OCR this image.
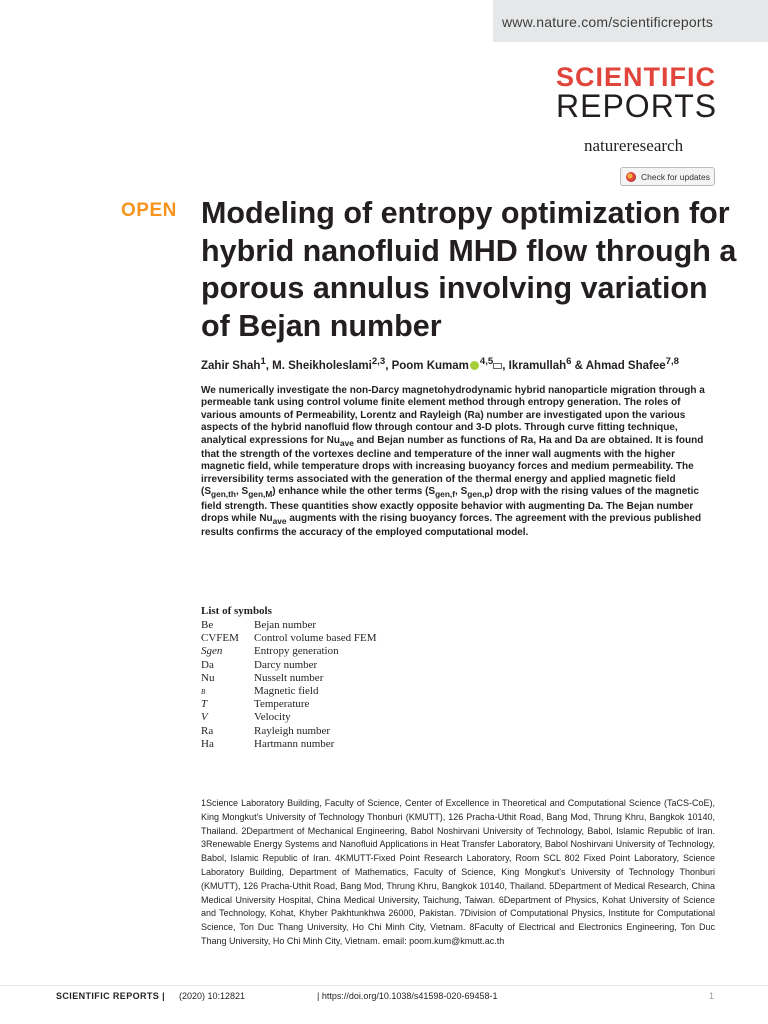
www.nature.com/scientificreports
SCIENTIFIC
REPORTS
natureresearch
Check for updates
OPEN Modeling of entropy optimization for hybrid nanofluid MHD flow through a porous annulus involving variation of Bejan number
Zahir Shah$^1$, M. Sheikholeslami$^{2,3}$, Poom Kumam $^{4,5}$ , Ikramullah$^6$ & Ahmad Shafee$^{7,8}$

We numerically investigate the non-Darcy magnetohydrodynamic hybrid nanoparticle migration through a permeable tank using control volume finite element method through entropy generation. The roles of various amounts of Permeability, Lorentz and Rayleigh (Ra) number are investigated upon the various aspects of the hybrid nanofluid flow through contour and 3-D plots. Through curve fitting technique, analytical expressions for $Nu_{ave}$ and Bejan number as functions of Ra, Ha and Da are obtained. It is found that the strength of the vortexes decline and temperature of the inner wall augments with the higher magnetic field, while temperature drops with increasing buoyancy forces and medium permeability. The irreversibility terms associated with the generation of the thermal energy and applied magnetic field ($S_{gen,th}$, $S_{gen,M}$) enhance while the other terms ($S_{gen,f}$, $S_{gen,p}$) drop with the rising values of the magnetic field strength. These quantities show exactly opposite behavior with augmenting Da. The Bejan number drops while $Nu_{ave}$ augments with the rising buoyancy forces. The agreement with the previous published results confirms the accuracy of the employed computational model.

List of symbols
Be	Bejan number
CVFEM Control volume based FEM
Sgen	Entropy generation
Da	Darcy number
Nu	Nusselt number
B	Magnetic field
T	Temperature
V	Velocity
Ra	Rayleigh number
Ha	Hartmann number

1Science Laboratory Building, Faculty of Science, Center of Excellence in Theoretical and Computational Science (TaCS-CoE), King Mongkut's University of Technology Thonburi (KMUTT), 126 Pracha-Uthit Road, Bang Mod, Thrung Khru, Bangkok 10140, Thailand. 2Department of Mechanical Engineering, Babol Noshirvani University of Technology, Babol, Islamic Republic of Iran. 3Renewable Energy Systems and Nanofluid Applications in Heat Transfer Laboratory, Babol Noshirvani University of Technology, Babol, Islamic Republic of Iran. 4KMUTT-Fixed Point Research Laboratory, Room SCL 802 Fixed Point Laboratory, Science Laboratory Building, Department of Mathematics, Faculty of Science, King Mongkut's University of Technology Thonburi (KMUTT), 126 Pracha-Uthit Road, Bang Mod, Thrung Khru, Bangkok 10140, Thailand. 5Department of Medical Research, China Medical University Hospital, China Medical University, Taichung, Taiwan. 6Department of Physics, Kohat University of Science and Technology, Kohat, Khyber Pakhtunkhwa 26000, Pakistan. 7Division of Computational Physics, Institute for Computational Science, Ton Duc Thang University, Ho Chi Minh City, Vietnam. 8Faculty of Electrical and Electronics Engineering, Ton Duc Thang University, Ho Chi Minh City, Vietnam. email: poom.kum@kmutt.ac.th

SCIENTIFIC REPORTS | (2020) 10:12821	| https://doi.org/10.1038/s41598-020-69458-1	1
